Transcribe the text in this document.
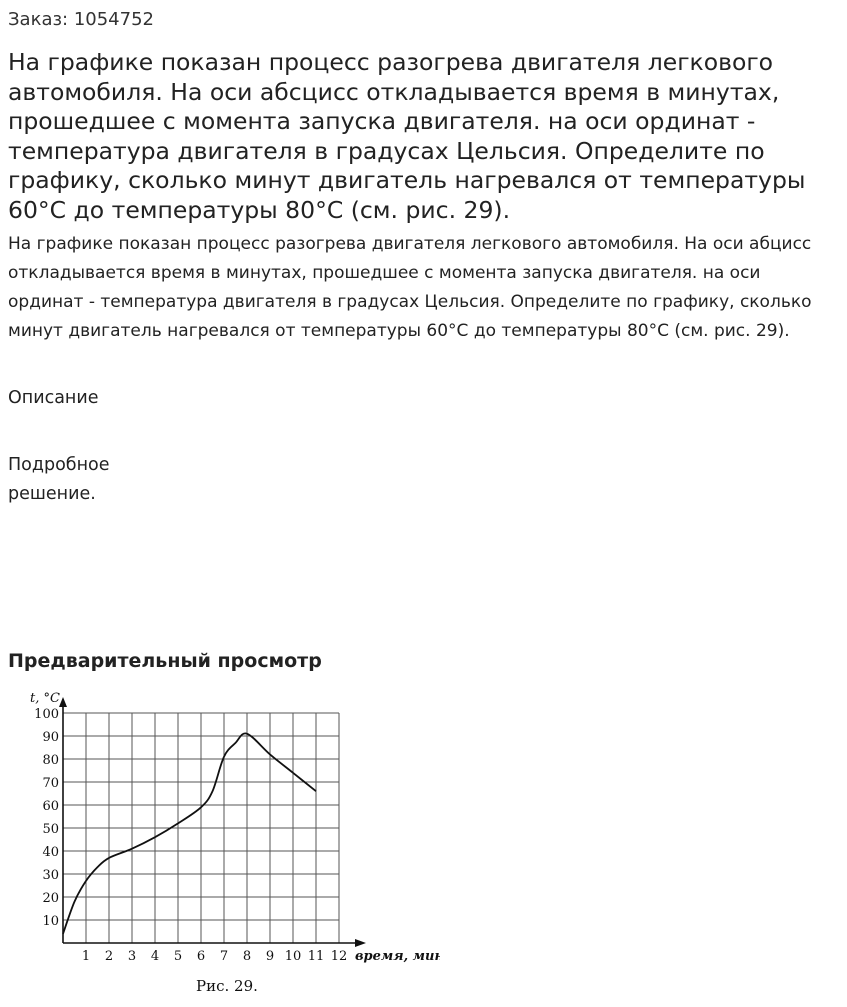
Заказ: 1054752
На графике показан процесс разогрева двигателя легкового автомобиля. На оси абсцисс откладывается время в минутах, прошедшее с момента запуска двигателя. на оси ординат - температура двигателя в градусах Цельсия. Определите по графику, сколько минут двигатель нагревался от температуры 60°C до температуры 80°C (см. рис. 29).
На графике показан процесс разогрева двигателя легкового автомобиля. На оси абцисс откладывается время в минутах, прошедшее с момента запуска двигателя. на оси ординат - температура двигателя в градусах Цельсия. Определите по графику, сколько минут двигатель нагревался от температуры 60°C до температуры 80°C (см. рис. 29).
Описание
Подробное решение.
Предварительный просмотр
1 2 3 4 5 6 7 8 9 10 11 12
10
20
30
40
50
60
70
80
90
100
t, °C
время, мин.
Рис. 29.
